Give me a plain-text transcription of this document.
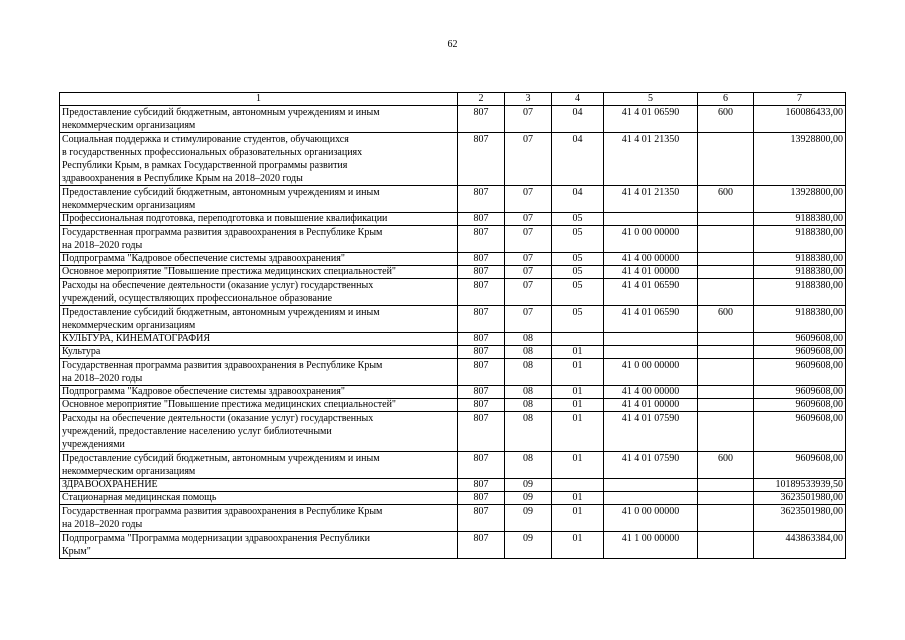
62
1	2	3	4	5	6	7
Предоставление субсидий бюджетным, автономным учреждениям и иным
некоммерческим организациям	807	07	04	41 4 01 06590	600	160086433,00
Социальная поддержка и стимулирование студентов, обучающихся
в государственных профессиональных образовательных организациях
Республики Крым, в рамках Государственной программы развития
здравоохранения в Республике Крым на 2018–2020 годы	807	07	04	41 4 01 21350		13928800,00
Предоставление субсидий бюджетным, автономным учреждениям и иным
некоммерческим организациям	807	07	04	41 4 01 21350	600	13928800,00
Профессиональная подготовка, переподготовка и повышение квалификации	807	07	05			9188380,00
Государственная программа развития здравоохранения в Республике Крым
на 2018–2020 годы	807	07	05	41 0 00 00000		9188380,00
Подпрограмма "Кадровое обеспечение системы здравоохранения"	807	07	05	41 4 00 00000		9188380,00
Основное мероприятие "Повышение престижа медицинских специальностей"	807	07	05	41 4 01 00000		9188380,00
Расходы на обеспечение деятельности (оказание услуг) государственных
учреждений, осуществляющих профессиональное образование	807	07	05	41 4 01 06590		9188380,00
Предоставление субсидий бюджетным, автономным учреждениям и иным
некоммерческим организациям	807	07	05	41 4 01 06590	600	9188380,00
КУЛЬТУРА, КИНЕМАТОГРАФИЯ	807	08				9609608,00
Культура	807	08	01			9609608,00
Государственная программа развития здравоохранения в Республике Крым
на 2018–2020 годы	807	08	01	41 0 00 00000		9609608,00
Подпрограмма "Кадровое обеспечение системы здравоохранения"	807	08	01	41 4 00 00000		9609608,00
Основное мероприятие "Повышение престижа медицинских специальностей"	807	08	01	41 4 01 00000		9609608,00
Расходы на обеспечение деятельности (оказание услуг) государственных
учреждений, предоставление населению услуг библиотечными
учреждениями	807	08	01	41 4 01 07590		9609608,00
Предоставление субсидий бюджетным, автономным учреждениям и иным
некоммерческим организациям	807	08	01	41 4 01 07590	600	9609608,00
ЗДРАВООХРАНЕНИЕ	807	09				10189533939,50
Стационарная медицинская помощь	807	09	01			3623501980,00
Государственная программа развития здравоохранения в Республике Крым
на 2018–2020 годы	807	09	01	41 0 00 00000		3623501980,00
Подпрограмма "Программа модернизации здравоохранения Республики
Крым"	807	09	01	41 1 00 00000		443863384,00
